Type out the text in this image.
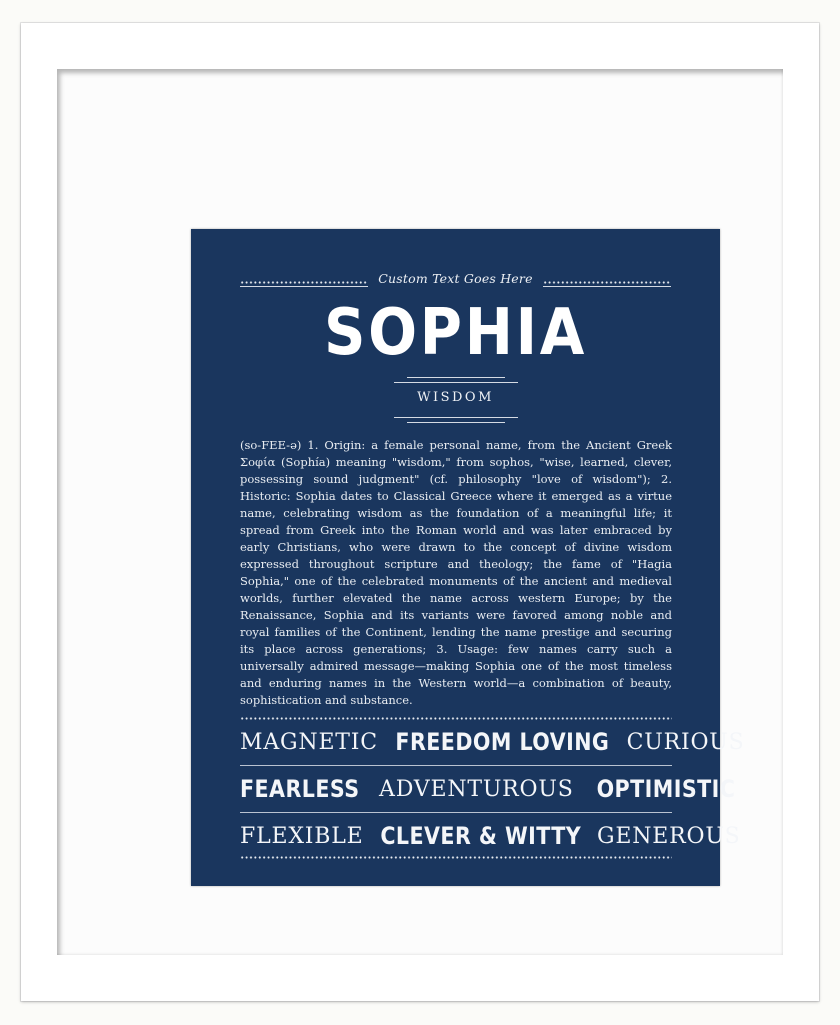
Custom Text Goes Here
SOPHIA
WISDOM

(so-FEE-ə) 1. Origin: a female personal name, from the Ancient Greek Σοφία (Sophía) meaning "wisdom," from sophos, "wise, learned, clever, possessing sound judgment" (cf. philosophy "love of wisdom"); 2. Historic: Sophia dates to Classical Greece where it emerged as a virtue name, celebrating wisdom as the foundation of a meaningful life; it spread from Greek into the Roman world and was later embraced by early Christians, who were drawn to the concept of divine wisdom expressed throughout scripture and theology; the fame of "Hagia Sophia," one of the celebrated monuments of the ancient and medieval worlds, further elevated the name across western Europe; by the Renaissance, Sophia and its variants were favored among noble and royal families of the Continent, lending the name prestige and securing its place across generations; 3. Usage: few names carry such a universally admired message—making Sophia one of the most timeless and enduring names in the Western world—a combination of beauty, sophistication and substance.

MAGNETIC FREEDOM LOVING CURIOUS
FEARLESS ADVENTUROUS OPTIMISTIC
FLEXIBLE CLEVER & WITTY GENEROUS
